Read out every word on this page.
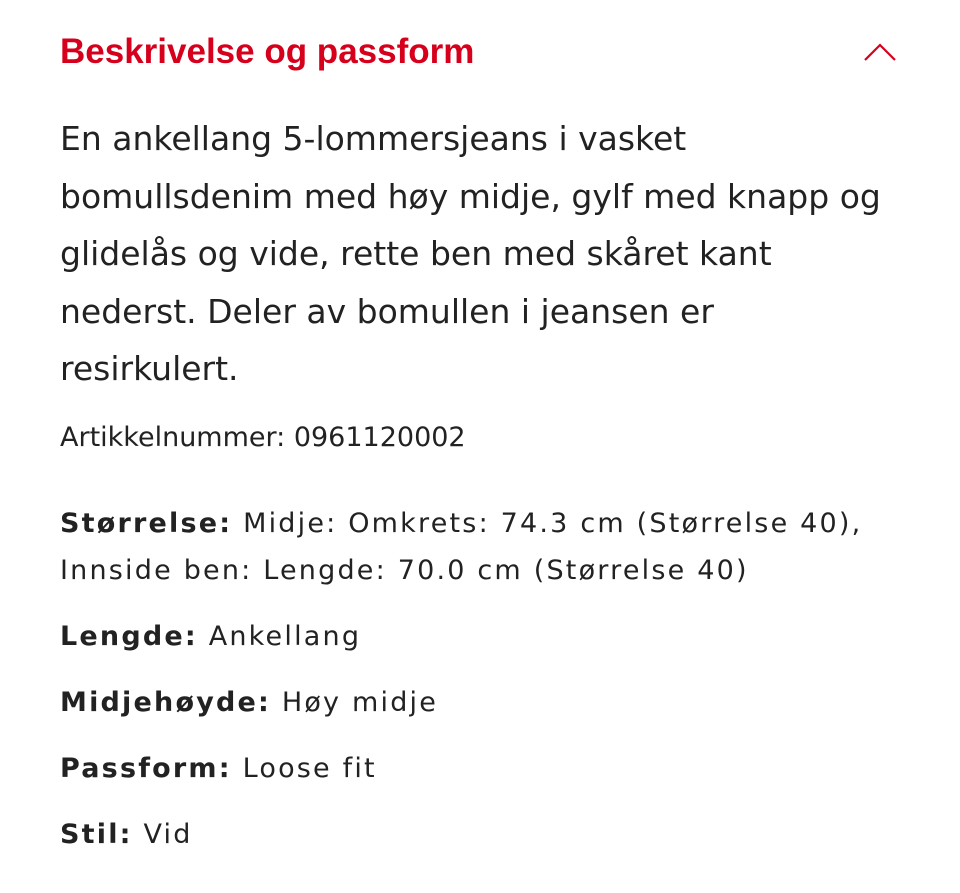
Beskrivelse og passform

En ankellang 5-lommersjeans i vasket bomullsdenim med høy midje, gylf med knapp og glidelås og vide, rette ben med skåret kant nederst. Deler av bomullen i jeansen er resirkulert.

Artikkelnummer: 0961120002
Størrelse: Midje: Omkrets: 74.3 cm (Størrelse 40), Innside ben: Lengde: 70.0 cm (Størrelse 40)
Lengde: Ankellang
Midjehøyde: Høy midje
Passform: Loose fit
Stil: Vid
